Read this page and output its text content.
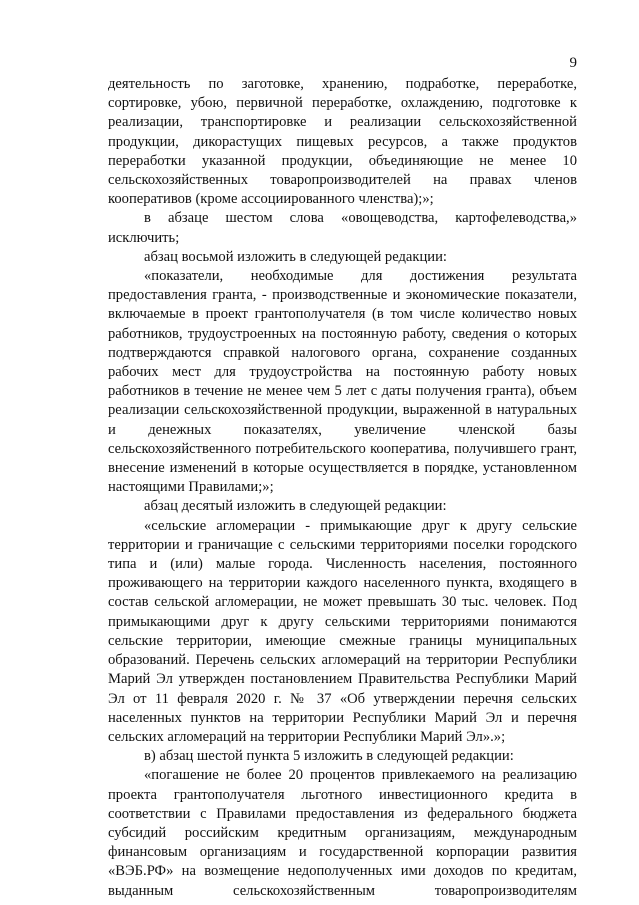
9

деятельность по заготовке, хранению, подработке, переработке, сортировке, убою, первичной переработке, охлаждению, подготовке к реализации, транспортировке и реализации сельскохозяйственной продукции, дикорастущих пищевых ресурсов, а также продуктов переработки указанной продукции, объединяющие не менее 10 сельскохозяйственных товаропроизводителей на правах членов кооперативов (кроме ассоциированного членства);»;

в абзаце шестом слова «овощеводства, картофелеводства,» исключить;

абзац восьмой изложить в следующей редакции:

«показатели, необходимые для достижения результата предоставления гранта, - производственные и экономические показатели, включаемые в проект грантополучателя (в том числе количество новых работников, трудоустроенных на постоянную работу, сведения о которых подтверждаются справкой налогового органа, сохранение созданных рабочих мест для трудоустройства на постоянную работу новых работников в течение не менее чем 5 лет с даты получения гранта), объем реализации сельскохозяйственной продукции, выраженной в натуральных и денежных показателях, увеличение членской базы сельскохозяйственного потребительского кооператива, получившего грант, внесение изменений в которые осуществляется в порядке, установленном настоящими Правилами;»;

абзац десятый изложить в следующей редакции:

«сельские агломерации - примыкающие друг к другу сельские территории и граничащие с сельскими территориями поселки городского типа и (или) малые города. Численность населения, постоянного проживающего на территории каждого населенного пункта, входящего в состав сельской агломерации, не может превышать 30 тыс. человек. Под примыкающими друг к другу сельскими территориями понимаются сельские территории, имеющие смежные границы муниципальных образований. Перечень сельских агломераций на территории Республики Марий Эл утвержден постановлением Правительства Республики Марий Эл от 11 февраля 2020 г. № 37 «Об утверждении перечня сельских населенных пунктов на территории Республики Марий Эл и перечня сельских агломераций на территории Республики Марий Эл».»;

в) абзац шестой пункта 5 изложить в следующей редакции:

«погашение не более 20 процентов привлекаемого на реализацию проекта грантополучателя льготного инвестиционного кредита в соответствии с Правилами предоставления из федерального бюджета субсидий российским кредитным организациям, международным финансовым организациям и государственной корпорации развития «ВЭБ.РФ» на возмещение недополученных ими доходов по кредитам, выданным сельскохозяйственным товаропроизводителям
